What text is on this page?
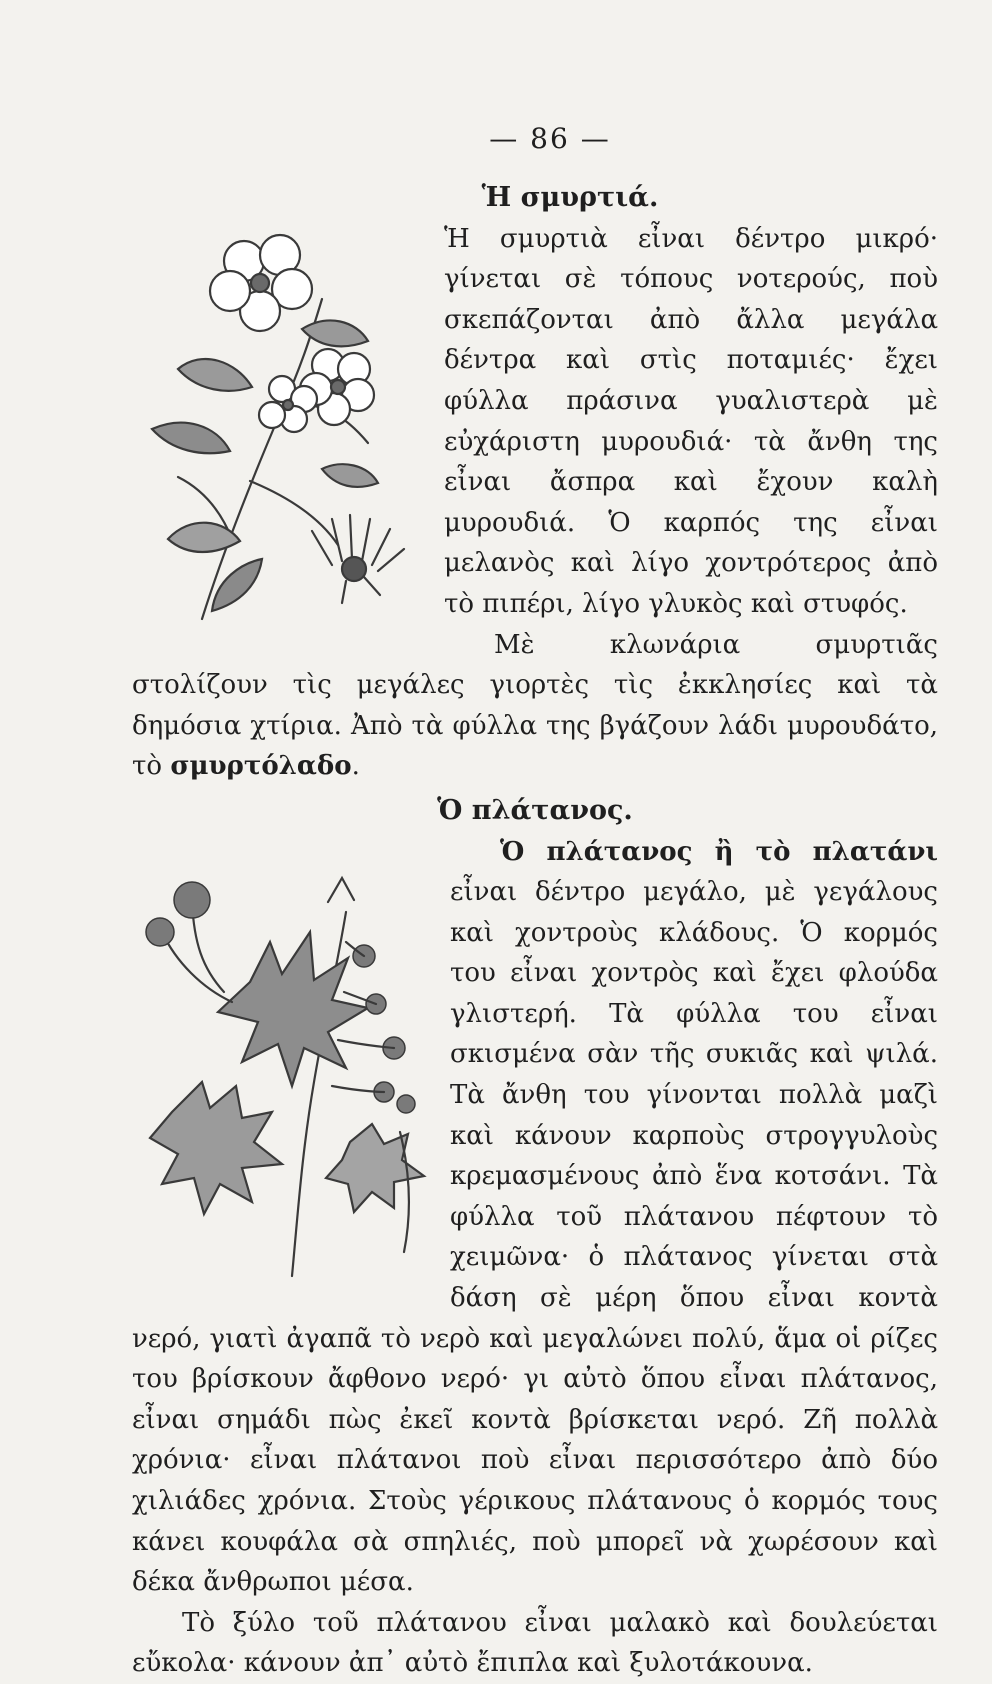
— 86 —
Ἡ σμυρτιά.

Ἡ σμυρτιὰ εἶναι δέντρο μικρό· γίνεται σὲ τόπους νοτερούς, ποὺ σκεπάζονται ἀπὸ ἄλλα μεγάλα δέντρα καὶ στὶς ποταμιές· ἔχει φύλλα πράσινα γυαλιστερὰ μὲ εὐχάριστη μυρουδιά· τὰ ἄνθη της εἶναι ἄσπρα καὶ ἔχουν καλὴ μυρουδιά. Ὁ καρπός της εἶναι μελανὸς καὶ λίγο χοντρότερος ἀπὸ τὸ πιπέρι, λίγο γλυκὸς καὶ στυφός.

Μὲ κλωνάρια σμυρτιᾶς στολίζουν τὶς μεγάλες γιορτὲς τὶς ἐκκλησίες καὶ τὰ δημόσια χτίρια. Ἀπὸ τὰ φύλλα της βγάζουν λάδι μυρουδάτο, τὸ σμυρτόλαδο.

Ὁ πλάτανος.

Ὁ πλάτανος ἢ τὸ πλατάνι εἶναι δέντρο μεγάλο, μὲ γεγάλους καὶ χοντροὺς κλάδους. Ὁ κορμός του εἶναι χοντρὸς καὶ ἔχει φλούδα γλιστερή. Τὰ φύλλα του εἶναι σκισμένα σὰν τῆς συκιᾶς καὶ ψιλά. Τὰ ἄνθη του γίνονται πολλὰ μαζὶ καὶ κάνουν καρποὺς στρογγυλοὺς κρεμασμένους ἀπὸ ἕνα κοτσάνι. Τὰ φύλλα τοῦ πλάτανου πέφτουν τὸ χειμῶνα· ὁ πλάτανος γίνεται στὰ δάση σὲ μέρη ὅπου εἶναι κοντὰ νερό, γιατὶ ἀγαπᾶ τὸ νερὸ καὶ μεγαλώνει πολύ, ἅμα οἱ ρίζες του βρίσκουν ἄφθονο νερό· γι αὐτὸ ὅπου εἶναι πλάτανος, εἶναι σημάδι πὼς ἐκεῖ κοντὰ βρίσκεται νερό. Ζῆ πολλὰ χρόνια· εἶναι πλάτανοι ποὺ εἶναι περισσότερο ἀπὸ δύο χιλιάδες χρόνια. Στοὺς γέρικους πλάτανους ὁ κορμός τους κάνει κουφάλα σὰ σπηλιές, ποὺ μπορεῖ νὰ χωρέσουν καὶ δέκα ἄνθρωποι μέσα.

Τὸ ξύλο τοῦ πλάτανου εἶναι μαλακὸ καὶ δουλεύεται εὔκολα· κάνουν ἀπ᾿ αὐτὸ ἔπιπλα καὶ ξυλοτάκουνα.
